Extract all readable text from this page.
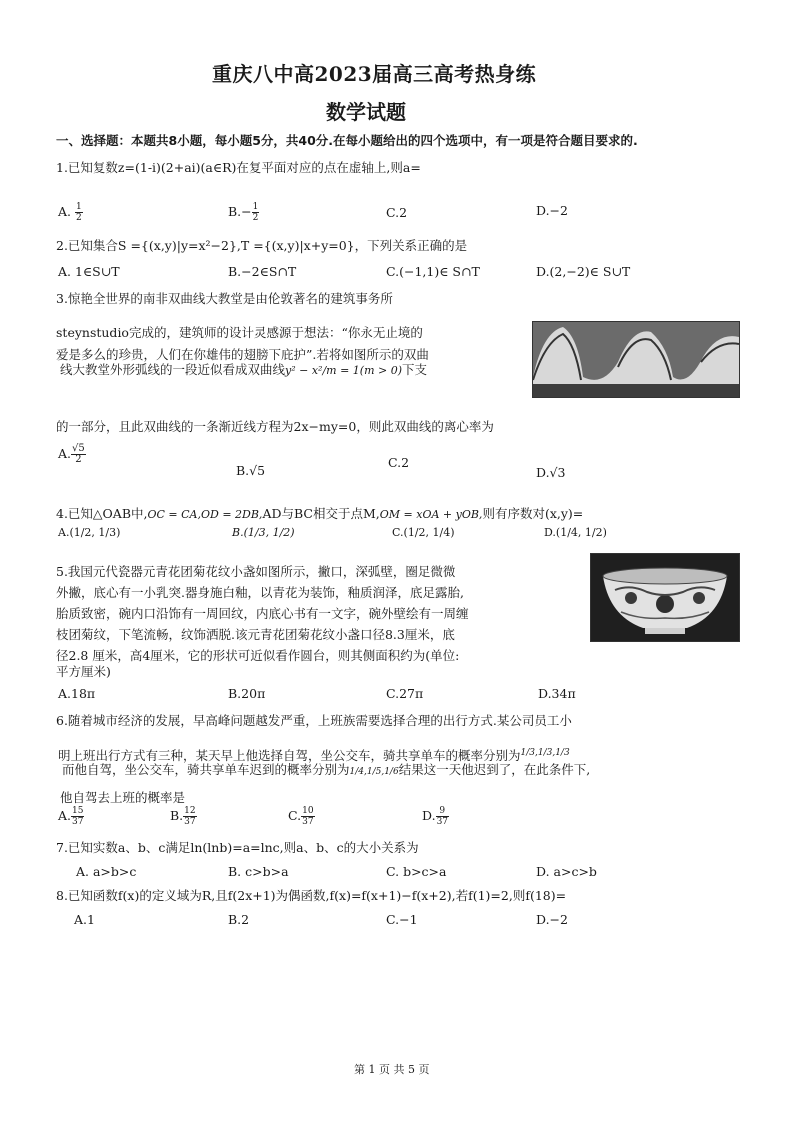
重庆八中高2023届高三高考热身练
数学试题
一、选择题：本题共8小题，每小题5分，共40分.在每小题给出的四个选项中，有一项是符合题目要求的.
1.已知复数z=(1-i)(2+ai)(a∈R)在复平面对应的点在虚轴上,则a=
A. $\frac{1}{2}$	$B.- \frac{1}{2}$	C.2	D.−2
2.已知集合S ={(x,y)|y=x²−2},T ={(x,y)|x+y=0}，下列关系正确的是
A. 1∈S∪T	B.−2∈S∩T	C.(−1,1)∈ S∩T	D.(2,−2)∈ S∪T
3.惊艳全世界的南非双曲线大教堂是由伦敦著名的建筑事务所
steynstudio完成的，建筑师的设计灵感源于想法：“你永无止境的
爱是多么的珍贵，人们在你雄伟的翅膀下庇护”.若将如图所示的双曲
线大教堂外形弧线的一段近似看成双曲线y² − x²/m = 1(m > 0)下支
的一部分，且此双曲线的一条渐近线方程为2x−my=0，则此双曲线的离心率为
A. $\frac{√5}{2}$
B.√5
C.2
D.√3
4.已知△OAB中,OC = CA,OD = 2DB,AD与BC相交于点M,OM = xOA + yOB,则有序数对(x,y)=
A.(1/2, 1/3)	B.(1/3, 1/2)	C.(1/2, 1/4)	D.(1/4, 1/2)
5.我国元代瓷器元青花团菊花纹小盏如图所示，撇口，深弧壁，圈足微微
外撇，底心有一小乳突.器身施白釉，以青花为装饰，釉质润泽，底足露胎,
胎质致密，碗内口沿饰有一周回纹，内底心书有一文字，碗外壁绘有一周缠
枝团菊纹，下笔流畅，纹饰洒脱.该元青花团菊花纹小盏口径8.3厘米，底
径2.8 厘米，高4厘米，它的形状可近似看作圆台，则其侧面积约为(单位:
平方厘米)
A.18π	B.20π	C.27π	D.34π
6.随着城市经济的发展，早高峰问题越发严重，上班族需要选择合理的出行方式.某公司员工小
明上班出行方式有三种，某天早上他选择自驾，坐公交车，骑共享单车的概率分别为$^{1/3,1/3,1/3}$
而他自驾，坐公交车，骑共享单车迟到的概率分别为1/4,1/5,1/6结果这一天他迟到了，在此条件下,
他自驾去上班的概率是
A. $\frac{15}{37}$	B. $\frac{12}{37}$	C. $\frac{10}{37}$	D. $\frac{9}{37}$
7.已知实数a、b、c满足ln(lnb)=a=lnc,则a、b、c的大小关系为
A. a>b>c	B. c>b>a	C. b>c>a	D. a>c>b
8.已知函数f(x)的定义域为R,且f(2x+1)为偶函数,f(x)=f(x+1)−f(x+2),若f(1)=2,则f(18)=
A.1	B.2	C.−1	D.−2
第 1 页 共 5 页
